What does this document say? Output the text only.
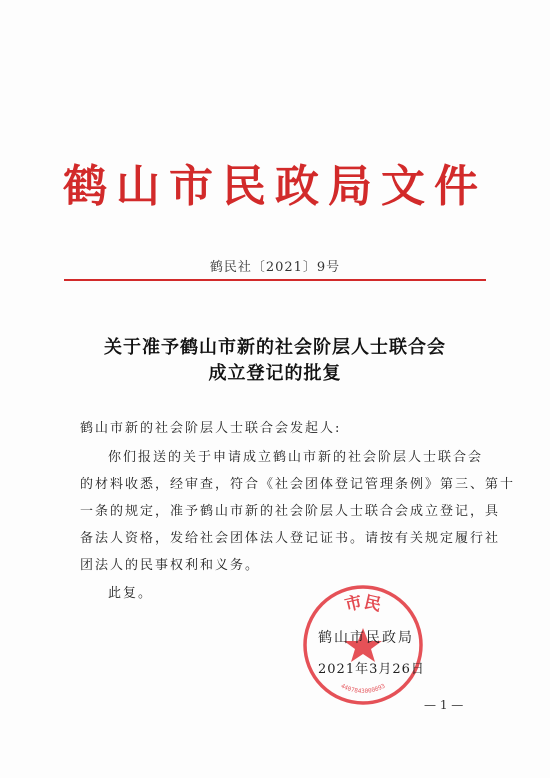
鹤山市民政局文件
鹤民社〔2021〕9号
关于准予鹤山市新的社会阶层人士联合会
成立登记的批复
鹤山市新的社会阶层人士联合会发起人:
你们报送的关于申请成立鹤山市新的社会阶层人士联合会
的材料收悉，经审查，符合《社会团体登记管理条例》第三、第十
一条的规定，准予鹤山市新的社会阶层人士联合会成立登记，具
备法人资格，发给社会团体法人登记证书。请按有关规定履行社
团法人的民事权利和义务。
此复。	市民
4407843000893
鹤山市民政局
2021年3月26日
— 1 —
